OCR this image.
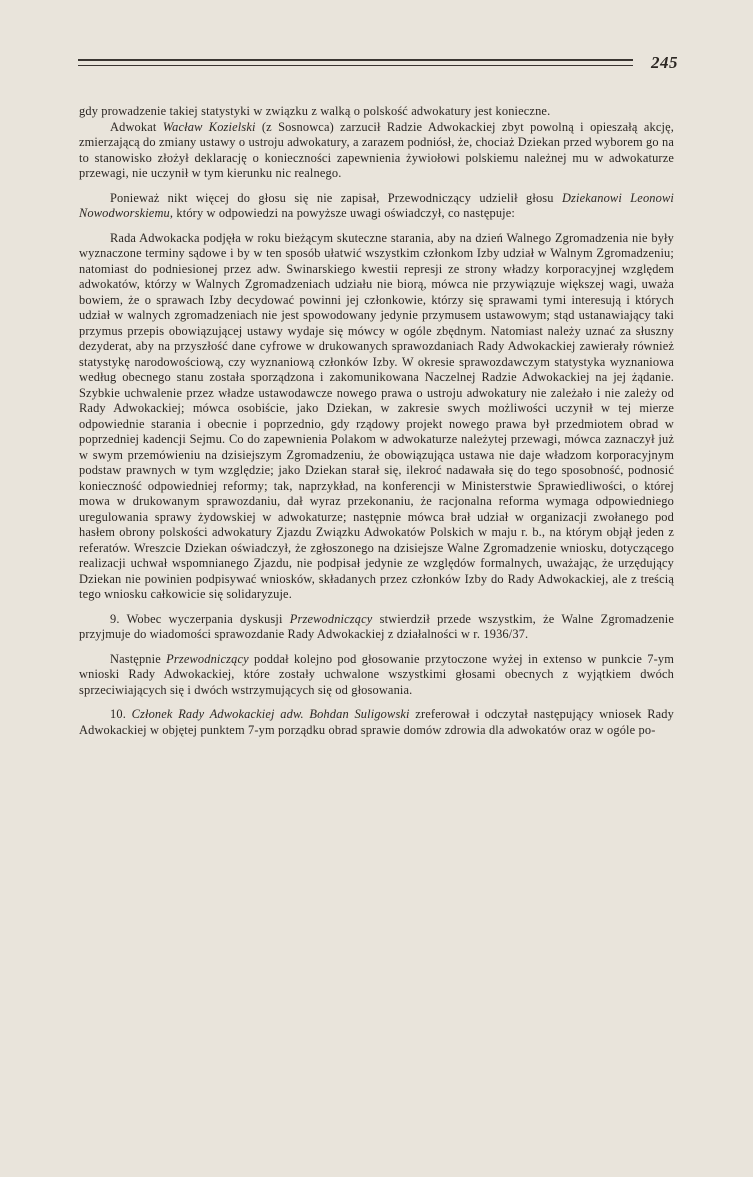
245

gdy prowadzenie takiej statystyki w związku z walką o polskość adwokatury jest konieczne.

Adwokat Wacław Kozielski (z Sosnowca) zarzucił Radzie Adwokackiej zbyt powolną i opieszałą akcję, zmierzającą do zmiany ustawy o ustroju adwokatury, a zarazem podniósł, że, chociaż Dziekan przed wyborem go na to stanowisko złożył deklarację o konieczności zapewnienia żywiołowi polskiemu należnej mu w adwokaturze przewagi, nie uczynił w tym kierunku nic realnego.

Ponieważ nikt więcej do głosu się nie zapisał, Przewodniczący udzielił głosu Dziekanowi Leonowi Nowodworskiemu, który w odpowiedzi na powyższe uwagi oświadczył, co następuje:

Rada Adwokacka podjęła w roku bieżącym skuteczne starania, aby na dzień Walnego Zgromadzenia nie były wyznaczone terminy sądowe i by w ten sposób ułatwić wszystkim członkom Izby udział w Walnym Zgromadzeniu; natomiast do podniesionej przez adw. Swinarskiego kwestii represji ze strony władzy korporacyjnej względem adwokatów, którzy w Walnych Zgromadzeniach udziału nie biorą, mówca nie przywiązuje większej wagi, uważa bowiem, że o sprawach Izby decydować powinni jej członkowie, którzy się sprawami tymi interesują i których udział w walnych zgromadzeniach nie jest spowodowany jedynie przymusem ustawowym; stąd ustanawiający taki przymus przepis obowiązującej ustawy wydaje się mówcy w ogóle zbędnym. Natomiast należy uznać za słuszny dezyderat, aby na przyszłość dane cyfrowe w drukowanych sprawozdaniach Rady Adwokackiej zawierały również statystykę narodowościową, czy wyznaniową członków Izby. W okresie sprawozdawczym statystyka wyznaniowa według obecnego stanu została sporządzona i zakomunikowana Naczelnej Radzie Adwokackiej na jej żądanie. Szybkie uchwalenie przez władze ustawodawcze nowego prawa o ustroju adwokatury nie zależało i nie zależy od Rady Adwokackiej; mówca osobiście, jako Dziekan, w zakresie swych możliwości uczynił w tej mierze odpowiednie starania i obecnie i poprzednio, gdy rządowy projekt nowego prawa był przedmiotem obrad w poprzedniej kadencji Sejmu. Co do zapewnienia Polakom w adwokaturze należytej przewagi, mówca zaznaczył już w swym przemówieniu na dzisiejszym Zgromadzeniu, że obowiązująca ustawa nie daje władzom korporacyjnym podstaw prawnych w tym względzie; jako Dziekan starał się, ilekroć nadawała się do tego sposobność, podnosić konieczność odpowiedniej reformy; tak, naprzykład, na konferencji w Ministerstwie Sprawiedliwości, o której mowa w drukowanym sprawozdaniu, dał wyraz przekonaniu, że racjonalna reforma wymaga odpowiedniego uregulowania sprawy żydowskiej w adwokaturze; następnie mówca brał udział w organizacji zwołanego pod hasłem obrony polskości adwokatury Zjazdu Związku Adwokatów Polskich w maju r. b., na którym objął jeden z referatów. Wreszcie Dziekan oświadczył, że zgłoszonego na dzisiejsze Walne Zgromadzenie wniosku, dotyczącego realizacji uchwał wspomnianego Zjazdu, nie podpisał jedynie ze względów formalnych, uważając, że urzędujący Dziekan nie powinien podpisywać wniosków, składanych przez członków Izby do Rady Adwokackiej, ale z treścią tego wniosku całkowicie się solidaryzuje.

9. Wobec wyczerpania dyskusji Przewodniczący stwierdził przede wszystkim, że Walne Zgromadzenie przyjmuje do wiadomości sprawozdanie Rady Adwokackiej z działalności w r. 1936/37.

Następnie Przewodniczący poddał kolejno pod głosowanie przytoczone wyżej in extenso w punkcie 7-ym wnioski Rady Adwokackiej, które zostały uchwalone wszystkimi głosami obecnych z wyjątkiem dwóch sprzeciwiających się i dwóch wstrzymujących się od głosowania.

10. Członek Rady Adwokackiej adw. Bohdan Suligowski zreferował i odczytał następujący wniosek Rady Adwokackiej w objętej punktem 7-ym porządku obrad sprawie domów zdrowia dla adwokatów oraz w ogóle po-
